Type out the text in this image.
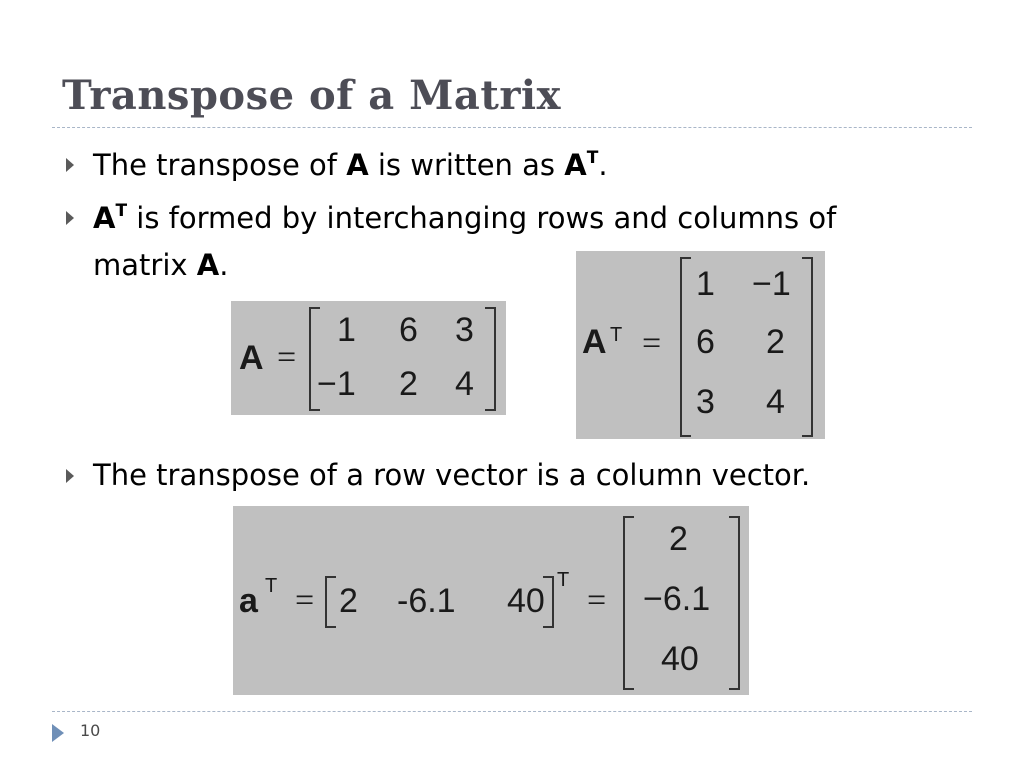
Transpose of a Matrix
The transpose of A is written as $A^T$.
$A^T$ is formed by interchanging rows and columns of
matrix A.
A =
1 6 3
−1 2 4
A T =
1 −1
6 2
3 4
The transpose of a row vector is a column vector.
a T = 2 -6.1 40
T
=
2
−6.1
40
10
